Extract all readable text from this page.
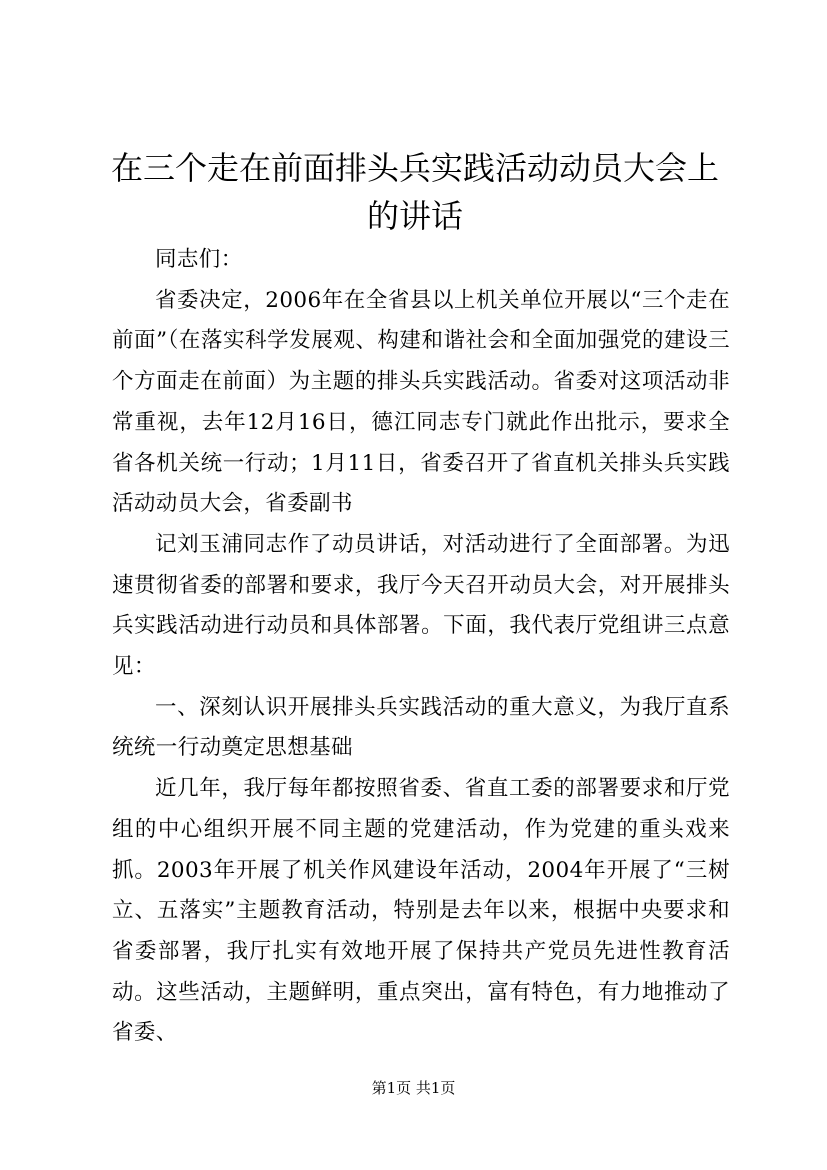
在三个走在前面排头兵实践活动动员大会上的讲话

同志们：

省委决定，2006年在全省县以上机关单位开展以“三个走在前面”（在落实科学发展观、构建和谐社会和全面加强党的建设三个方面走在前面）为主题的排头兵实践活动。省委对这项活动非常重视，去年12月16日，德江同志专门就此作出批示，要求全省各机关统一行动；1月11日，省委召开了省直机关排头兵实践活动动员大会，省委副书

记刘玉浦同志作了动员讲话，对活动进行了全面部署。为迅速贯彻省委的部署和要求，我厅今天召开动员大会，对开展排头兵实践活动进行动员和具体部署。下面，我代表厅党组讲三点意见：

一、深刻认识开展排头兵实践活动的重大意义，为我厅直系统统一行动奠定思想基础

近几年，我厅每年都按照省委、省直工委的部署要求和厅党组的中心组织开展不同主题的党建活动，作为党建的重头戏来抓。2003年开展了机关作风建设年活动，2004年开展了“三树立、五落实”主题教育活动，特别是去年以来，根据中央要求和省委部署，我厅扎实有效地开展了保持共产党员先进性教育活动。这些活动，主题鲜明，重点突出，富有特色，有力地推动了省委、

第1页 共1页
